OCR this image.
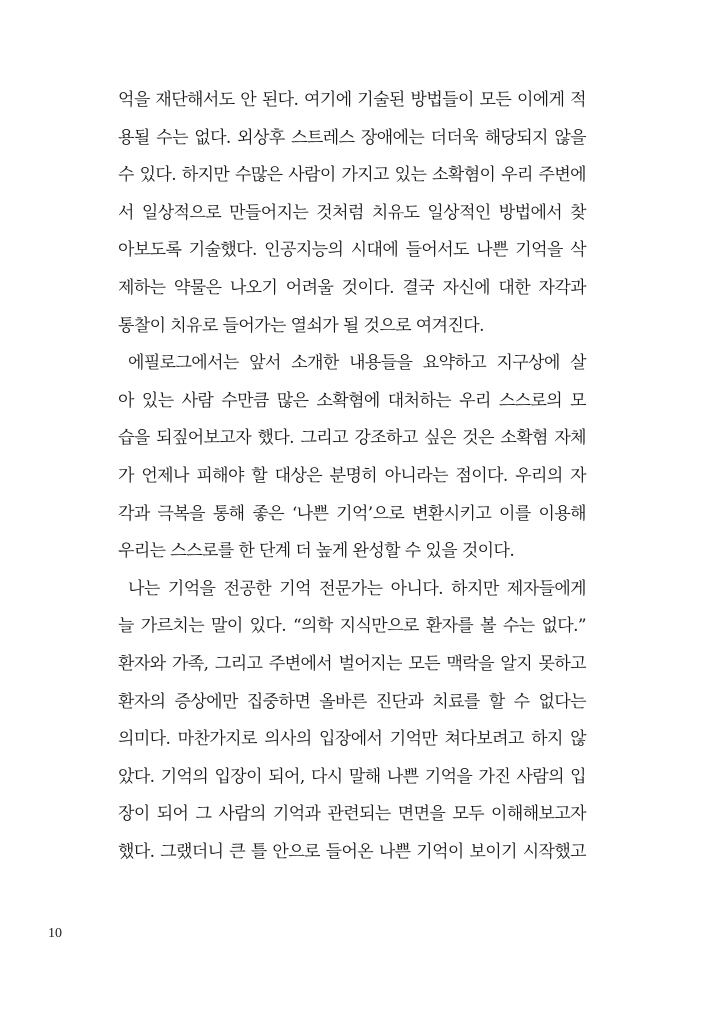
억을 재단해서도 안 된다. 여기에 기술된 방법들이 모든 이에게 적
용될 수는 없다. 외상후 스트레스 장애에는 더더욱 해당되지 않을
수 있다. 하지만 수많은 사람이 가지고 있는 소확혐이 우리 주변에
서 일상적으로 만들어지는 것처럼 치유도 일상적인 방법에서 찾
아보도록 기술했다. 인공지능의 시대에 들어서도 나쁜 기억을 삭
제하는 약물은 나오기 어려울 것이다. 결국 자신에 대한 자각과
통찰이 치유로 들어가는 열쇠가 될 것으로 여겨진다.
에필로그에서는 앞서 소개한 내용들을 요약하고 지구상에 살
아 있는 사람 수만큼 많은 소확혐에 대처하는 우리 스스로의 모
습을 되짚어보고자 했다. 그리고 강조하고 싶은 것은 소확혐 자체
가 언제나 피해야 할 대상은 분명히 아니라는 점이다. 우리의 자
각과 극복을 통해 좋은 ‘나쁜 기억’으로 변환시키고 이를 이용해
우리는 스스로를 한 단계 더 높게 완성할 수 있을 것이다.
나는 기억을 전공한 기억 전문가는 아니다. 하지만 제자들에게
늘 가르치는 말이 있다. “의학 지식만으로 환자를 볼 수는 없다.”
환자와 가족, 그리고 주변에서 벌어지는 모든 맥락을 알지 못하고
환자의 증상에만 집중하면 올바른 진단과 치료를 할 수 없다는
의미다. 마찬가지로 의사의 입장에서 기억만 쳐다보려고 하지 않
았다. 기억의 입장이 되어, 다시 말해 나쁜 기억을 가진 사람의 입
장이 되어 그 사람의 기억과 관련되는 면면을 모두 이해해보고자
했다. 그랬더니 큰 틀 안으로 들어온 나쁜 기억이 보이기 시작했고
10
